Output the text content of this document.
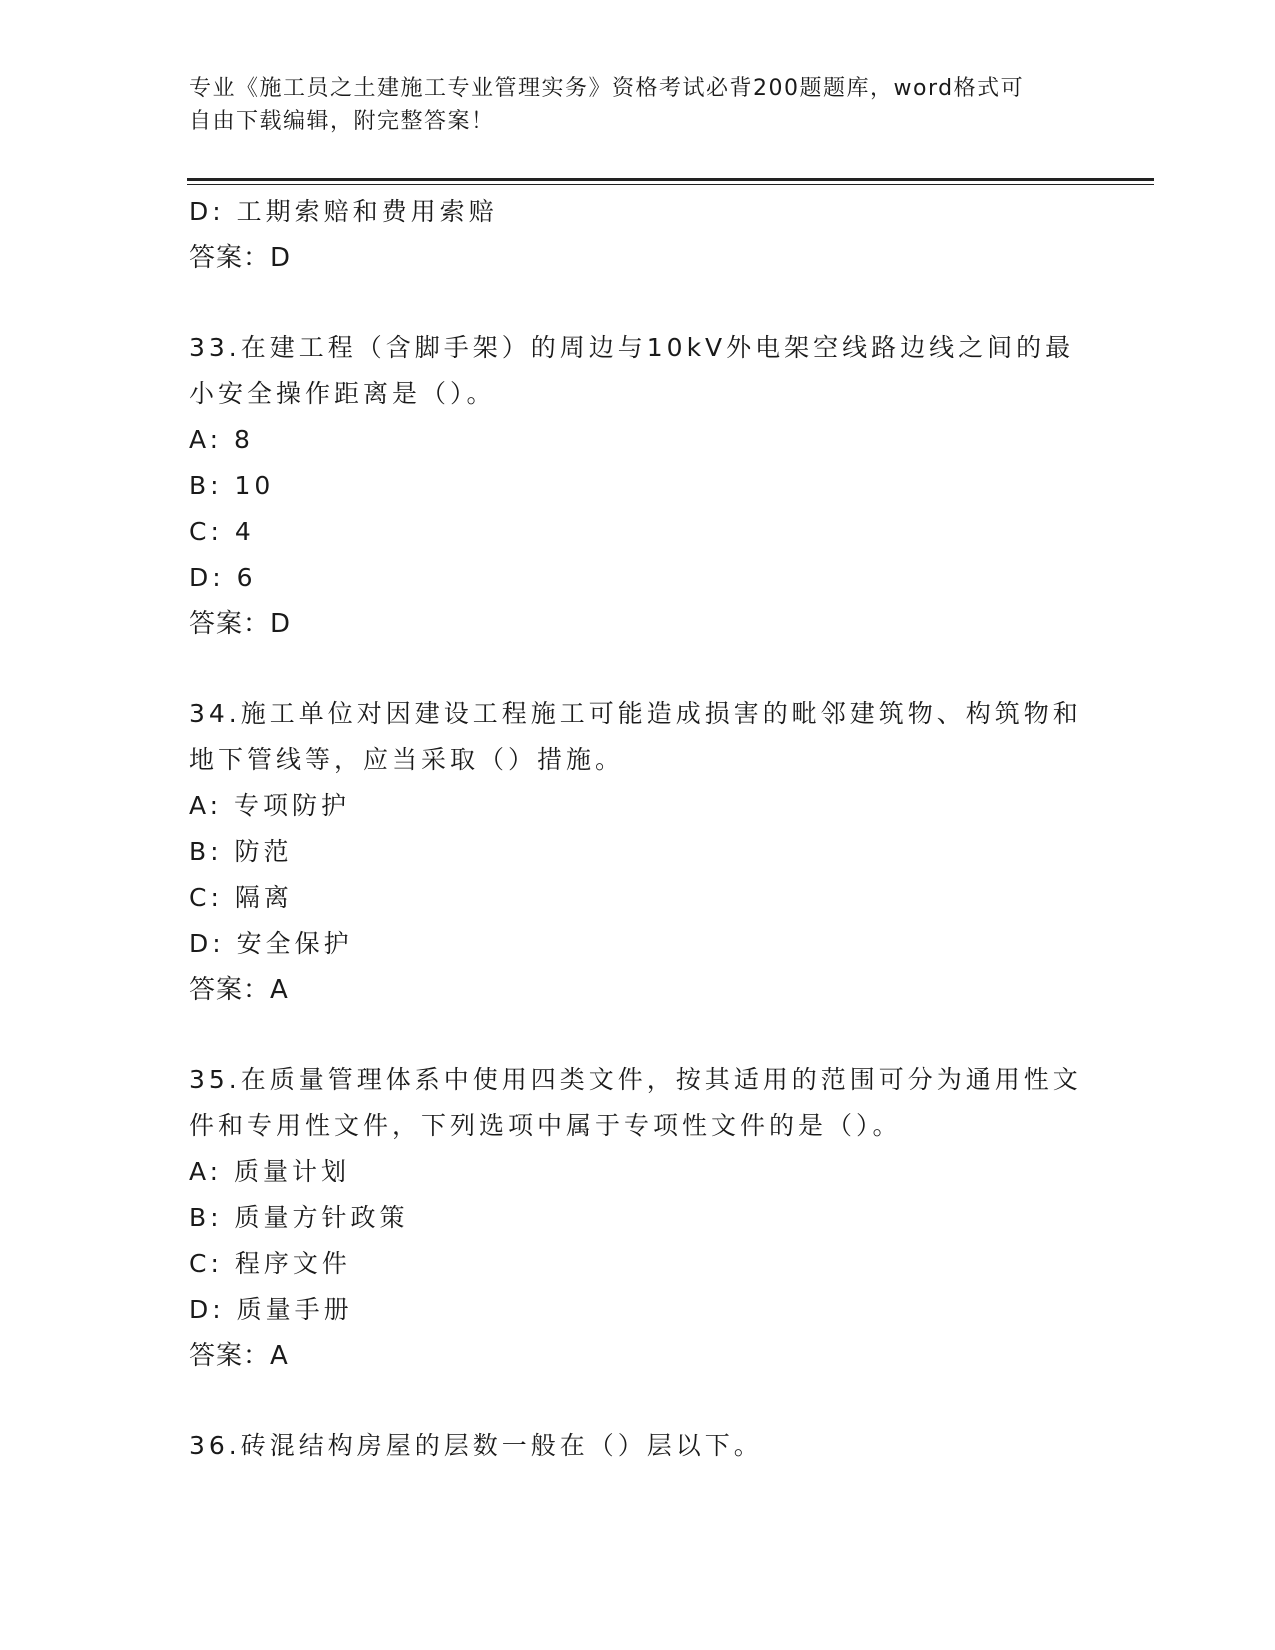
专业《施工员之土建施工专业管理实务》资格考试必背200题题库，word格式可
自由下载编辑，附完整答案！
D: 工期索赔和费用索赔
答案：D
33.在建工程（含脚手架）的周边与10kV外电架空线路边线之间的最
小安全操作距离是（）。
A: 8
B: 10
C: 4
D: 6
答案：D
34.施工单位对因建设工程施工可能造成损害的毗邻建筑物、构筑物和
地下管线等，应当采取（）措施。
A: 专项防护
B: 防范
C: 隔离
D: 安全保护
答案：A
35.在质量管理体系中使用四类文件，按其适用的范围可分为通用性文
件和专用性文件，下列选项中属于专项性文件的是（）。
A: 质量计划
B: 质量方针政策
C: 程序文件
D: 质量手册
答案：A
36.砖混结构房屋的层数一般在（）层以下。
